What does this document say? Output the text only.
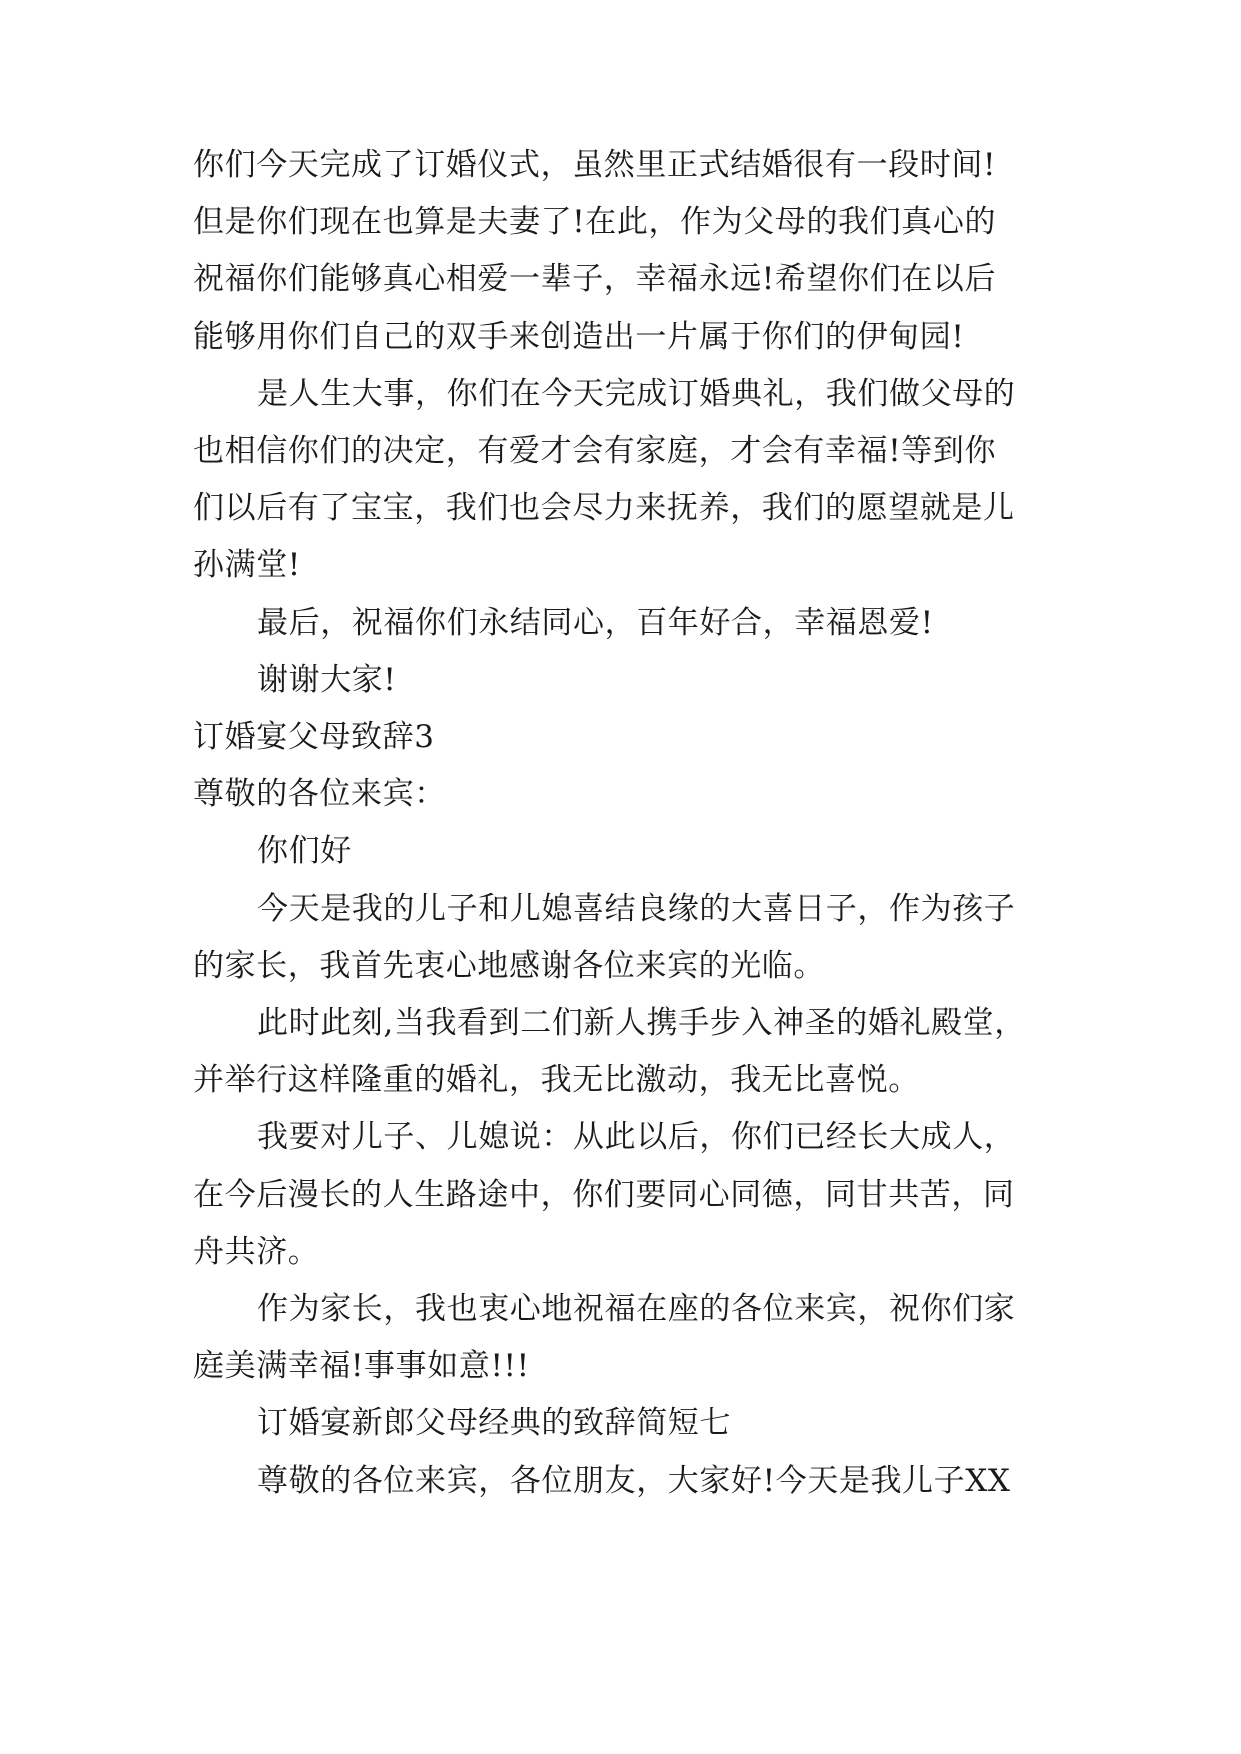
你们今天完成了订婚仪式，虽然里正式结婚很有一段时间!
但是你们现在也算是夫妻了!在此，作为父母的我们真心的
祝福你们能够真心相爱一辈子，幸福永远!希望你们在以后
能够用你们自己的双手来创造出一片属于你们的伊甸园!
是人生大事，你们在今天完成订婚典礼，我们做父母的
也相信你们的决定，有爱才会有家庭，才会有幸福!等到你
们以后有了宝宝，我们也会尽力来抚养，我们的愿望就是儿
孙满堂!
最后，祝福你们永结同心，百年好合，幸福恩爱!
谢谢大家!
订婚宴父母致辞3
尊敬的各位来宾：
你们好
今天是我的儿子和儿媳喜结良缘的大喜日子，作为孩子
的家长，我首先衷心地感谢各位来宾的光临。
此时此刻,当我看到二们新人携手步入神圣的婚礼殿堂，
并举行这样隆重的婚礼，我无比激动，我无比喜悦。
我要对儿子、儿媳说：从此以后，你们已经长大成人，
在今后漫长的人生路途中，你们要同心同德，同甘共苦，同
舟共济。
作为家长，我也衷心地祝福在座的各位来宾，祝你们家
庭美满幸福!事事如意!!!
订婚宴新郎父母经典的致辞简短七
尊敬的各位来宾，各位朋友，大家好!今天是我儿子XX
